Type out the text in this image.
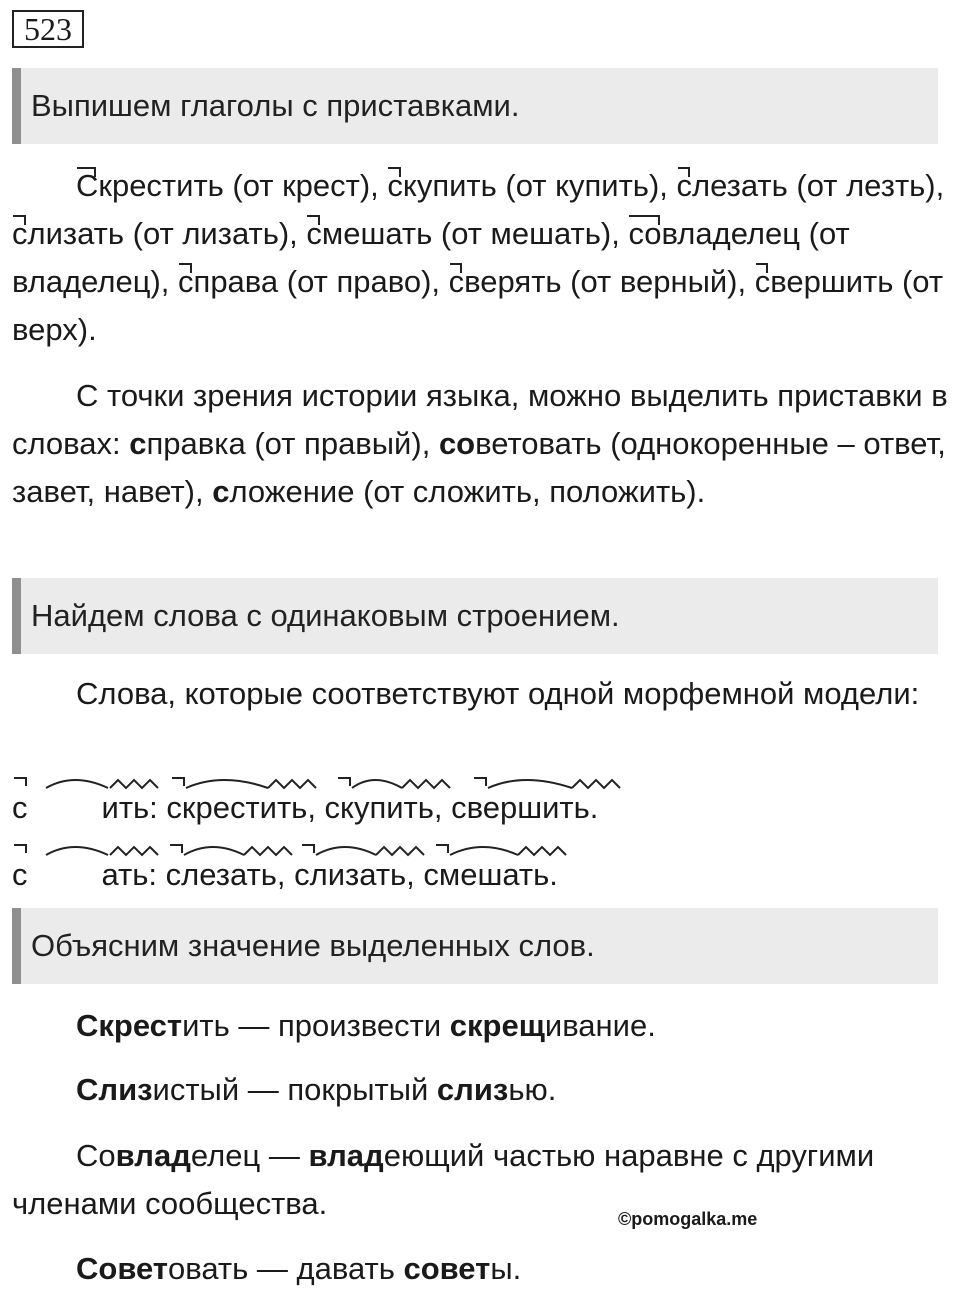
523
Выпишем глаголы с приставками.

Скрестить (от крест), скупить (от купить), слезать (от лезть), слизать (от лизать), смешать (от мешать), совладелец (от владелец), справа (от право), сверять (от верный), свершить (от верх).

С точки зрения истории языка, можно выделить приставки в словах: справка (от правый), советовать (однокоренные – ответ, завет, навет), сложение (от сложить, положить).

Найдем слова с одинаковым строением.

Слова, которые соответствуют одной морфемной модели:

с ить: скрестить, скупить, свершить.
с ать: слезать, слизать, смешать.
Объясним значение выделенных слов.

Скрестить — произвести скрещивание.

Слизистый — покрытый слизью.

Совладелец — владеющий частью наравне с другими членами сообщества.	©pomogalka.me

Советовать — давать советы.
